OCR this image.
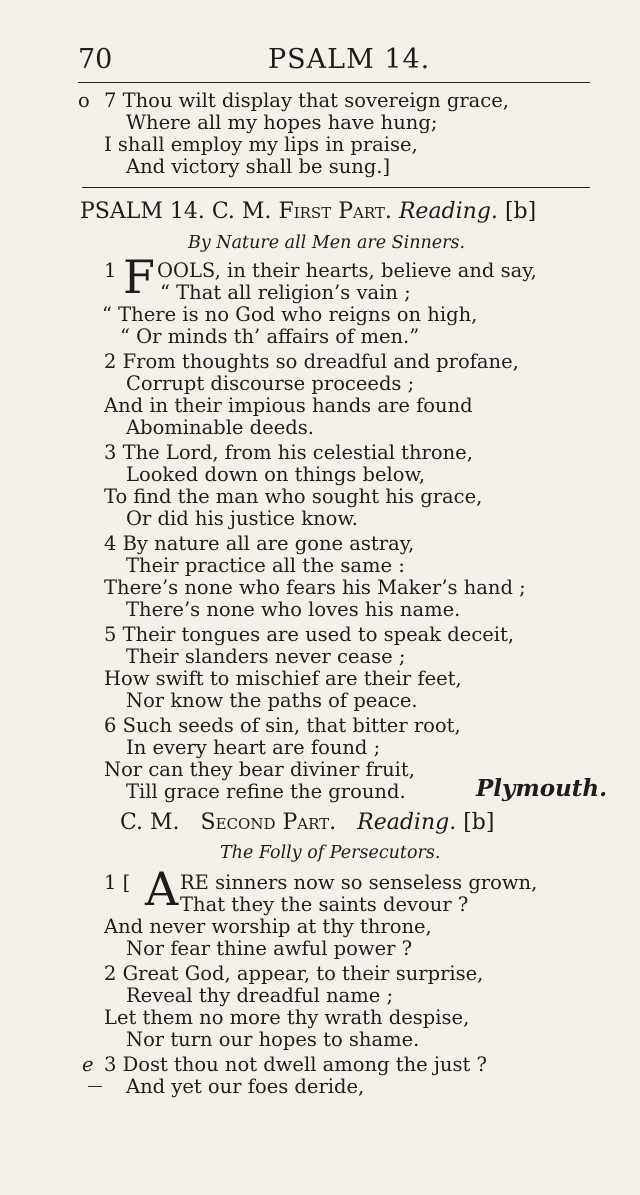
70	PSALM 14.
o 7 Thou wilt display that sovereign grace,
Where all my hopes have hung;
I shall employ my lips in praise,
And victory shall be sung.]
PSALM 14. C. M. First Part. Reading. [b]
By Nature all Men are Sinners.
1 F OOLS, in their hearts, believe and say,
“ That all religion’s vain ;
“ There is no God who reigns on high,
“ Or minds th’ affairs of men.”
2 From thoughts so dreadful and profane,
Corrupt discourse proceeds ;
And in their impious hands are found
Abominable deeds.
3 The Lord, from his celestial throne,
Looked down on things below,
To find the man who sought his grace,
Or did his justice know.
4 By nature all are gone astray,
Their practice all the same :
There’s none who fears his Maker’s hand ;
There’s none who loves his name.
5 Their tongues are used to speak deceit,
Their slanders never cease ;
How swift to mischief are their feet,
Nor know the paths of peace.
6 Such seeds of sin, that bitter root,
In every heart are found ;
Nor can they bear diviner fruit,
Till grace refine the ground.	Plymouth.
C. M. Second Part. Reading. [b]
The Folly of Persecutors.
1 [ A RE sinners now so senseless grown,
That they the saints devour ?
And never worship at thy throne,
Nor fear thine awful power ?
2 Great God, appear, to their surprise,
Reveal thy dreadful name ;
Let them no more thy wrath despise,
Nor turn our hopes to shame.
e 3 Dost thou not dwell among the just ?
And yet our foes deride,
